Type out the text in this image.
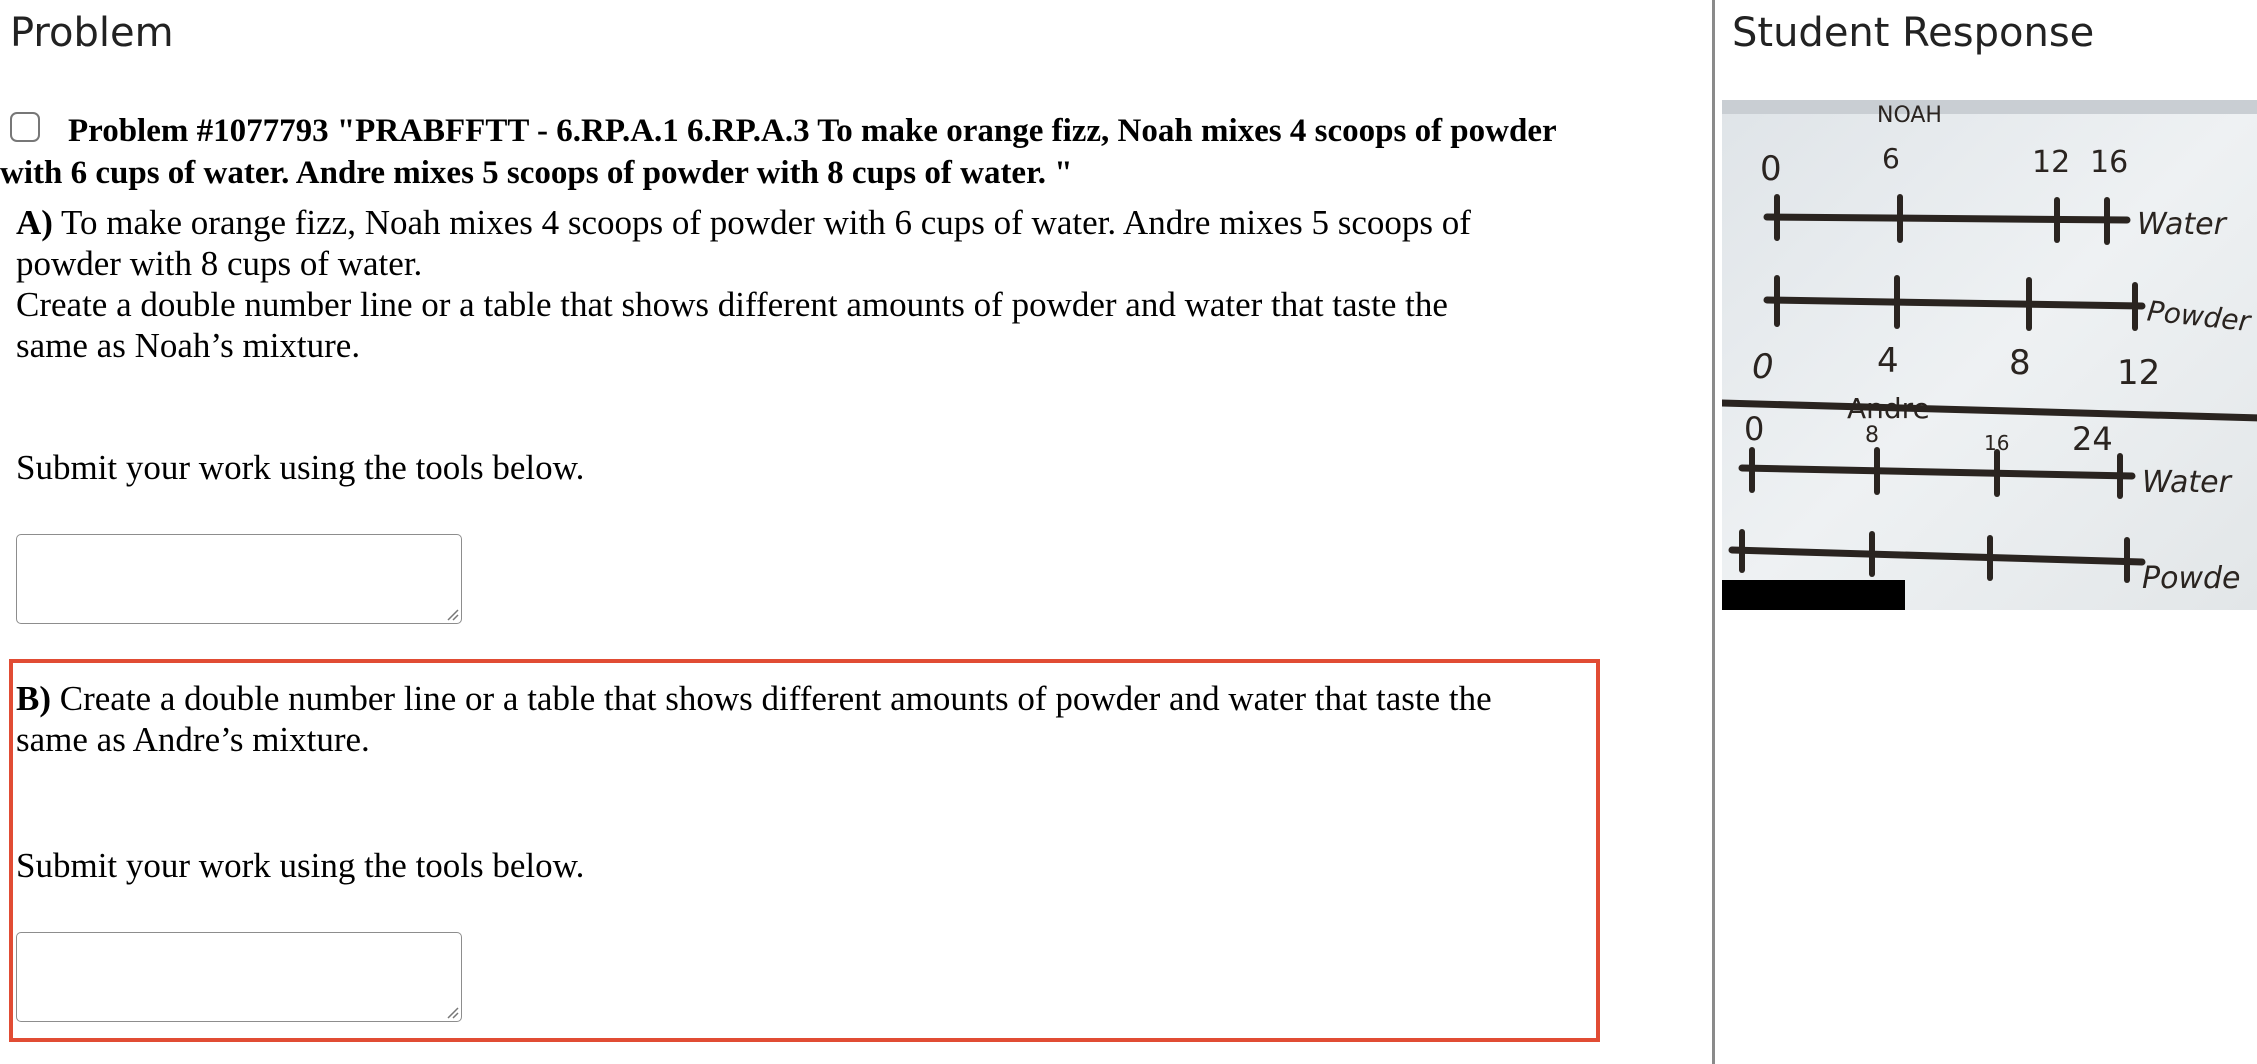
Problem
Problem #1077793 "PRABFFTT - 6.RP.A.1 6.RP.A.3 To make orange fizz, Noah mixes 4 scoops of powder
with 6 cups of water. Andre mixes 5 scoops of powder with 8 cups of water. "
A) To make orange fizz, Noah mixes 4 scoops of powder with 6 cups of water. Andre mixes 5 scoops of
powder with 8 cups of water.
Create a double number line or a table that shows different amounts of powder and water that taste the
same as Noah’s mixture.
Submit your work using the tools below.
B) Create a double number line or a table that shows different amounts of powder and water that taste the
same as Andre’s mixture.
Submit your work using the tools below.
Student Response
NOAH
0	6	12 16
Water
Powder
0	4	8	12
Andre
0	8	16 24
Water
Powde
